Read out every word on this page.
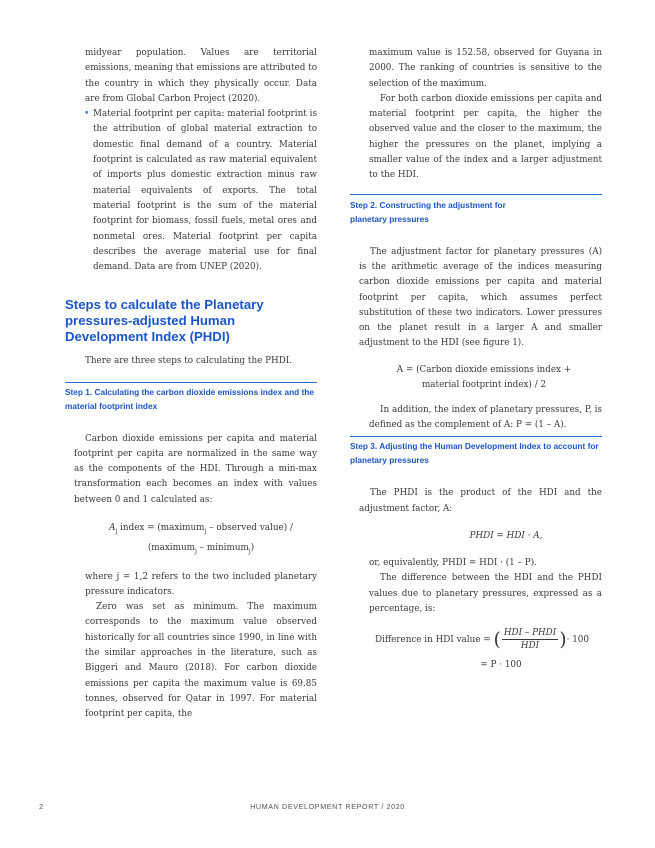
midyear population. Values are territorial emissions, meaning that emissions are attributed to the country in which they physically occur. Data are from Global Carbon Project (2020).

• Material footprint per capita: material footprint is the attribution of global material extraction to domestic final demand of a country. Material footprint is calculated as raw material equivalent of imports plus domestic extraction minus raw material equivalents of exports. The total material footprint is the sum of the material footprint for biomass, fossil fuels, metal ores and nonmetal ores. Material footprint per capita describes the average material use for final demand. Data are from UNEP (2020).
Steps to calculate the Planetary pressures-adjusted Human Development Index (PHDI)

There are three steps to calculating the PHDI.

Step 1. Calculating the carbon dioxide emissions index and the material footprint index

Carbon dioxide emissions per capita and material footprint per capita are normalized in the same way as the components of the HDI. Through a min-max transformation each becomes an index with values between 0 and 1 calculated as:

$A_j$ index = (maximum$_j$ – observed value) /
(maximum$_j$ – minimum$_j$)

where j = 1,2 refers to the two included planetary pressure indicators.

Zero was set as minimum. The maximum corresponds to the maximum value observed historically for all countries since 1990, in line with the similar approaches in the literature, such as Biggeri and Mauro (2018). For carbon dioxide emissions per capita the maximum value is 69.85 tonnes, observed for Qatar in 1997. For material footprint per capita, the

maximum value is 152.58, observed for Guyana in 2000. The ranking of countries is sensitive to the selection of the maximum.

For both carbon dioxide emissions per capita and material footprint per capita, the higher the observed value and the closer to the maximum, the higher the pressures on the planet, implying a smaller value of the index and a larger adjustment to the HDI.

Step 2. Constructing the adjustment for planetary pressures

The adjustment factor for planetary pressures (A) is the arithmetic average of the indices measuring carbon dioxide emissions per capita and material footprint per capita, which assumes perfect substitution of these two indicators. Lower pressures on the planet result in a larger A and smaller adjustment to the HDI (see figure 1).

A = (Carbon dioxide emissions index +
material footprint index) / 2

In addition, the index of planetary pressures, P, is defined as the complement of A: P = (1 – A).

Step 3. Adjusting the Human Development Index to account for planetary pressures

The PHDI is the product of the HDI and the adjustment factor, A:

PHDI = HDI · A,

or, equivalently, PHDI = HDI · (1 – P).

The difference between the HDI and the PHDI values due to planetary pressures, expressed as a percentage, is:

Difference in HDI value = ( $\frac{\text{HDI – PHDI}}{\text{HDI}}$ )· 100
= P · 100
2	HUMAN DEVELOPMENT REPORT / 2020
